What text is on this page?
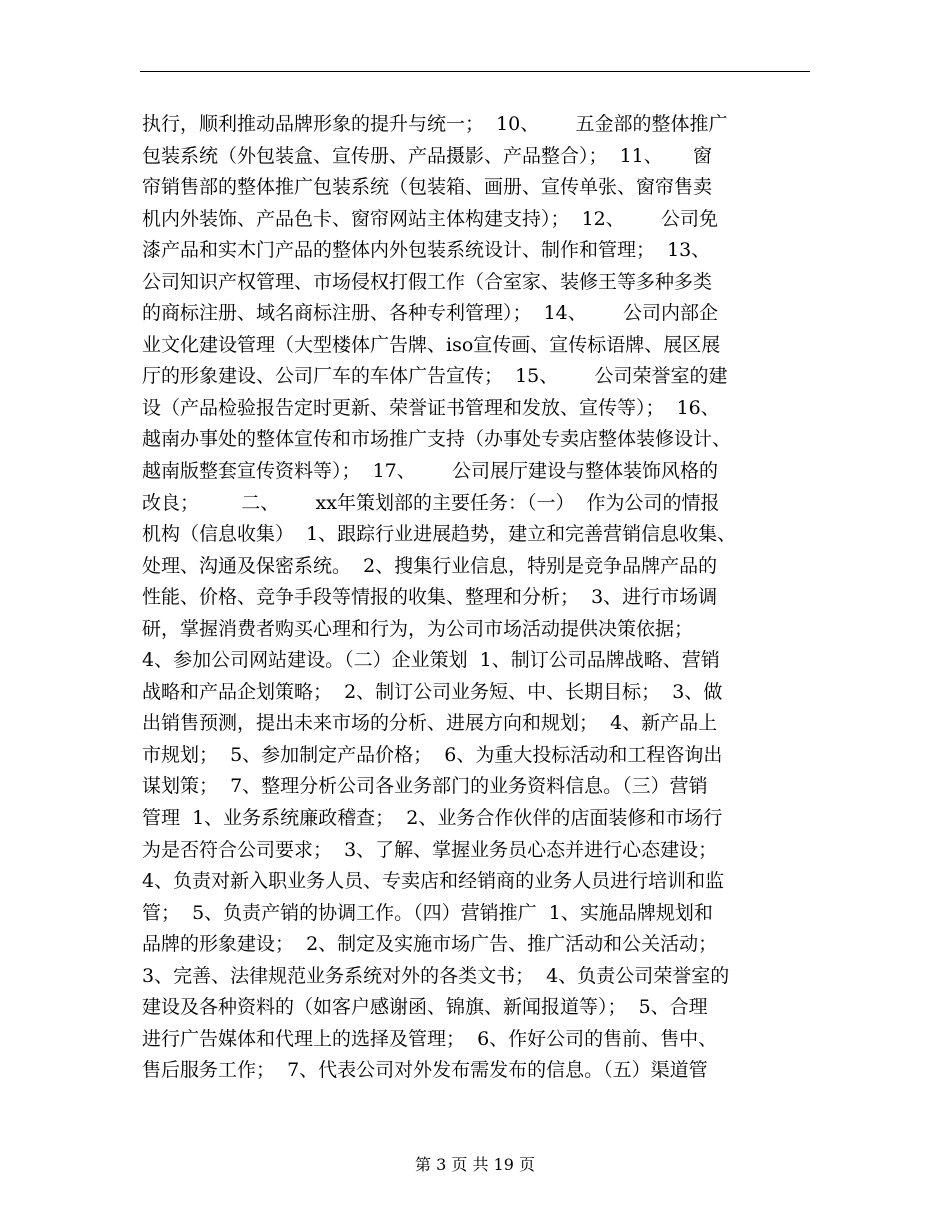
执行，顺利推动品牌形象的提升与统一；  10、      五金部的整体推广
包装系统（外包装盒、宣传册、产品摄影、产品整合）；  11、     窗
帘销售部的整体推广包装系统（包装箱、画册、宣传单张、窗帘售卖
机内外装饰、产品色卡、窗帘网站主体构建支持）；  12、      公司免
漆产品和实木门产品的整体内外包装系统设计、制作和管理；  13、
公司知识产权管理、市场侵权打假工作（合室家、装修王等多种多类
的商标注册、域名商标注册、各种专利管理）；  14、      公司内部企
业文化建设管理（大型楼体广告牌、iso宣传画、宣传标语牌、展区展
厅的形象建设、公司厂车的车体广告宣传；  15、      公司荣誉室的建
设（产品检验报告定时更新、荣誉证书管理和发放、宣传等）；  16、
越南办事处的整体宣传和市场推广支持（办事处专卖店整体装修设计、
越南版整套宣传资料等）；  17、      公司展厅建设与整体装饰风格的
改良；       二、      xx年策划部的主要任务：（一）  作为公司的情报
机构（信息收集）  1、跟踪行业进展趋势，建立和完善营销信息收集、
处理、沟通及保密系统。  2、搜集行业信息，特别是竞争品牌产品的
性能、价格、竞争手段等情报的收集、整理和分析；  3、进行市场调
研，掌握消费者购买心理和行为，为公司市场活动提供决策依据；
4、参加公司网站建设。（二）企业策划  1、制订公司品牌战略、营销
战略和产品企划策略；  2、制订公司业务短、中、长期目标；  3、做
出销售预测，提出未来市场的分析、进展方向和规划；  4、新产品上
市规划；  5、参加制定产品价格；  6、为重大投标活动和工程咨询出
谋划策；  7、整理分析公司各业务部门的业务资料信息。（三）营销
管理  1、业务系统廉政稽查；  2、业务合作伙伴的店面装修和市场行
为是否符合公司要求；  3、了解、掌握业务员心态并进行心态建设；
4、负责对新入职业务人员、专卖店和经销商的业务人员进行培训和监
管；  5、负责产销的协调工作。（四）营销推广  1、实施品牌规划和
品牌的形象建设；  2、制定及实施市场广告、推广活动和公关活动；
3、完善、法律规范业务系统对外的各类文书；  4、负责公司荣誉室的
建设及各种资料的（如客户感谢函、锦旗、新闻报道等）；  5、合理
进行广告媒体和代理上的选择及管理；  6、作好公司的售前、售中、
售后服务工作；  7、代表公司对外发布需发布的信息。（五）渠道管
第 3 页 共 19 页
